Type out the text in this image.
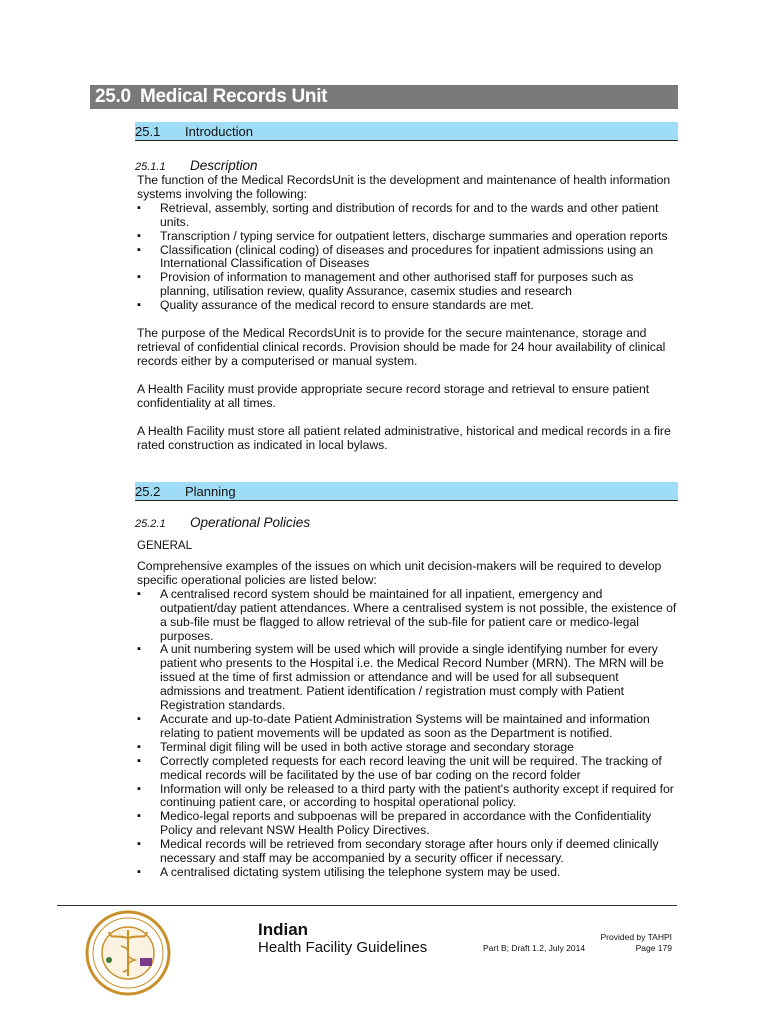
25.0 Medical Records Unit
25.1 Introduction
25.1.1 Description

The function of the Medical RecordsUnit is the development and maintenance of health information systems involving the following:

▪ Retrieval, assembly, sorting and distribution of records for and to the wards and other patient units.
▪ Transcription / typing service for outpatient letters, discharge summaries and operation reports
▪ Classification (clinical coding) of diseases and procedures for inpatient admissions using an International Classification of Diseases
▪ Provision of information to management and other authorised staff for purposes such as planning, utilisation review, quality Assurance, casemix studies and research
▪ Quality assurance of the medical record to ensure standards are met.

The purpose of the Medical RecordsUnit is to provide for the secure maintenance, storage and retrieval of confidential clinical records. Provision should be made for 24 hour availability of clinical records either by a computerised or manual system.

A Health Facility must provide appropriate secure record storage and retrieval to ensure patient confidentiality at all times.

A Health Facility must store all patient related administrative, historical and medical records in a fire rated construction as indicated in local bylaws.

25.2 Planning
25.2.1 Operational Policies
GENERAL

Comprehensive examples of the issues on which unit decision-makers will be required to develop specific operational policies are listed below:

▪ A centralised record system should be maintained for all inpatient, emergency and outpatient/day patient attendances. Where a centralised system is not possible, the existence of a sub-file must be flagged to allow retrieval of the sub-file for patient care or medico-legal purposes.
▪ A unit numbering system will be used which will provide a single identifying number for every patient who presents to the Hospital i.e. the Medical Record Number (MRN). The MRN will be issued at the time of first admission or attendance and will be used for all subsequent admissions and treatment. Patient identification / registration must comply with Patient Registration standards.
▪ Accurate and up-to-date Patient Administration Systems will be maintained and information relating to patient movements will be updated as soon as the Department is notified.
▪ Terminal digit filing will be used in both active storage and secondary storage
▪ Correctly completed requests for each record leaving the unit will be required. The tracking of medical records will be facilitated by the use of bar coding on the record folder
▪ Information will only be released to a third party with the patient's authority except if required for continuing patient care, or according to hospital operational policy.
▪ Medico-legal reports and subpoenas will be prepared in accordance with the Confidentiality Policy and relevant NSW Health Policy Directives.
▪ Medical records will be retrieved from secondary storage after hours only if deemed clinically necessary and staff may be accompanied by a security officer if necessary.
▪ A centralised dictating system utilising the telephone system may be used.
Indian
Health Facility Guidelines
Provided by TAHPI
Part B; Draft 1.2, July 2014	Page 179
